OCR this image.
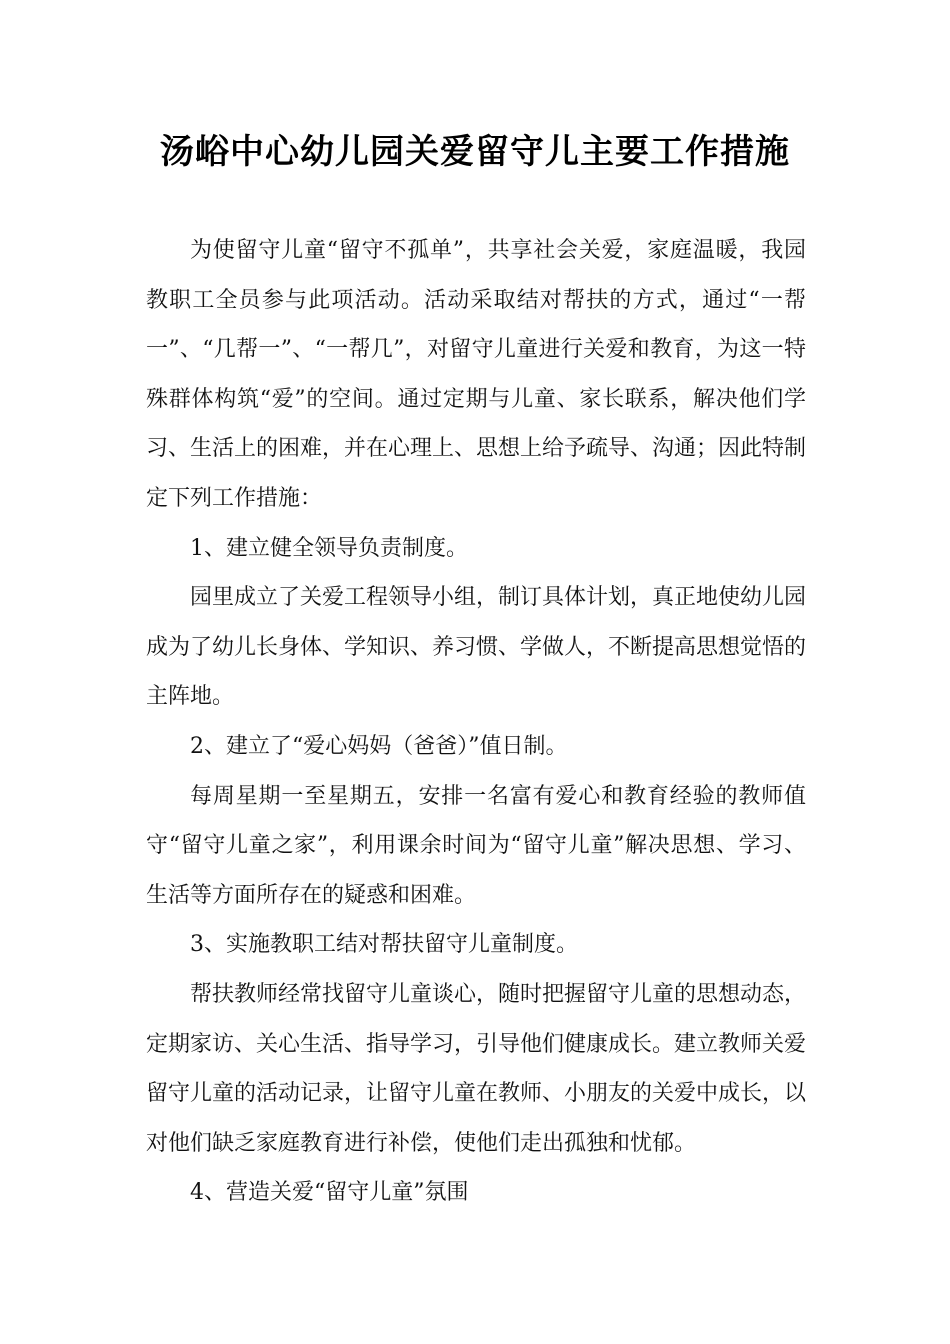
汤峪中心幼儿园关爱留守儿主要工作措施

为使留守儿童“留守不孤单”，共享社会关爱，家庭温暖，我园教职工全员参与此项活动。活动采取结对帮扶的方式，通过“一帮一”、“几帮一”、“一帮几”，对留守儿童进行关爱和教育，为这一特殊群体构筑“爱”的空间。通过定期与儿童、家长联系，解决他们学习、生活上的困难，并在心理上、思想上给予疏导、沟通；因此特制定下列工作措施：

1、建立健全领导负责制度。

园里成立了关爱工程领导小组，制订具体计划，真正地使幼儿园成为了幼儿长身体、学知识、养习惯、学做人，不断提高思想觉悟的主阵地。

2、建立了“爱心妈妈（爸爸）”值日制。

每周星期一至星期五，安排一名富有爱心和教育经验的教师值守“留守儿童之家”，利用课余时间为“留守儿童”解决思想、学习、生活等方面所存在的疑惑和困难。

3、实施教职工结对帮扶留守儿童制度。

帮扶教师经常找留守儿童谈心，随时把握留守儿童的思想动态，定期家访、关心生活、指导学习，引导他们健康成长。建立教师关爱留守儿童的活动记录，让留守儿童在教师、小朋友的关爱中成长，以对他们缺乏家庭教育进行补偿，使他们走出孤独和忧郁。

4、营造关爱“留守儿童”氛围
